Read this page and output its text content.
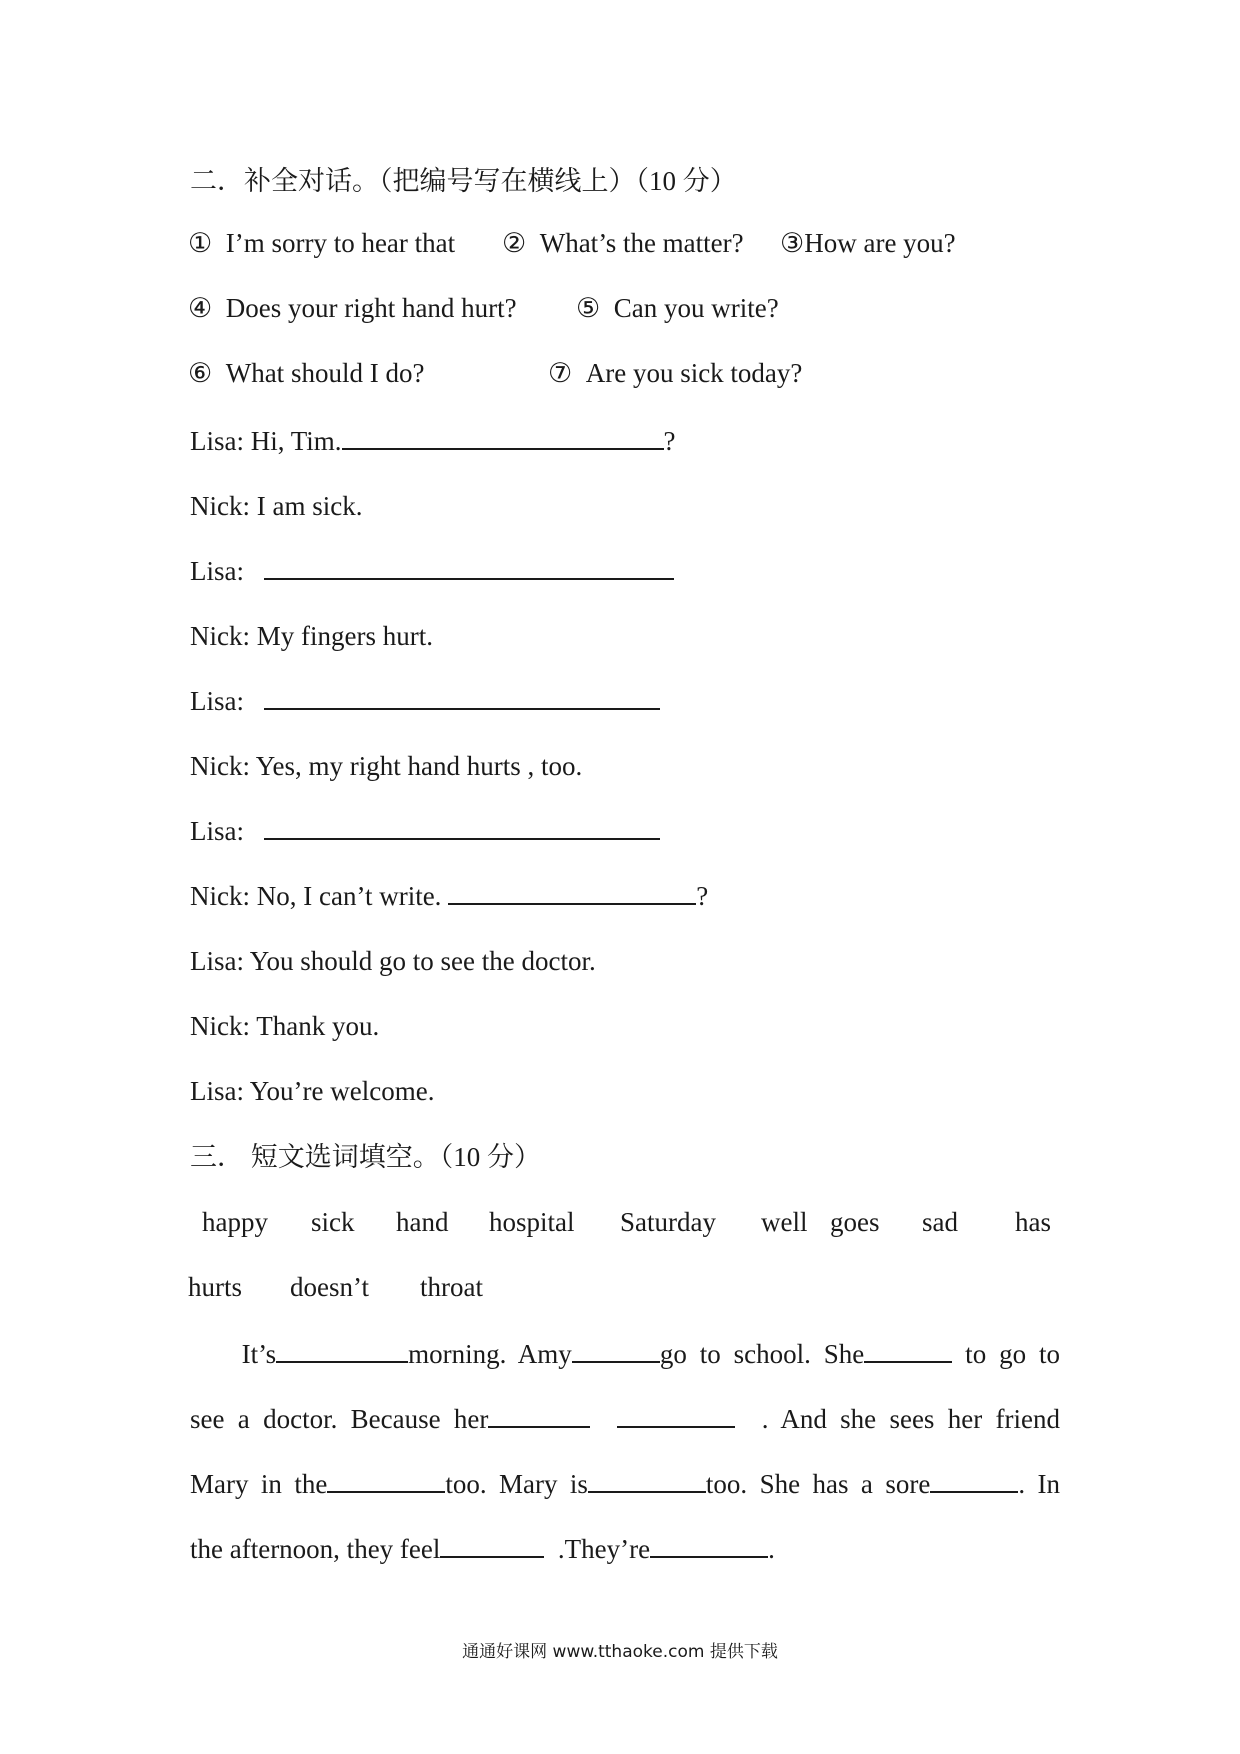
二．补全对话。（把编号写在横线上）（10 分）
① I’m sorry to hear that ② What’s the matter? ③How are you?
④ Does your right hand hurt? ⑤ Can you write?
⑥ What should I do?	⑦ Are you sick today?
Lisa: Hi, Tim.	?
Nick: I am sick.
Lisa:
Nick: My fingers hurt.
Lisa:
Nick: Yes, my right hand hurts , too.
Lisa:
Nick: No, I can’t write.	?
Lisa: You should go to see the doctor.
Nick: Thank you.
Lisa: You’re welcome.
三． 短文选词填空。（10 分）
happy sick hand hospital Saturday well goes sad has
hurts doesn’t throat
It’s	morning. Amy	go to school. She	to go to
see a doctor. Because her	. And she sees her friend
Mary in the	too. Mary is	too. She has a sore	. In
the afternoon, they feel	.They’re	.
通通好课网 www.tthaoke.com 提供下载
